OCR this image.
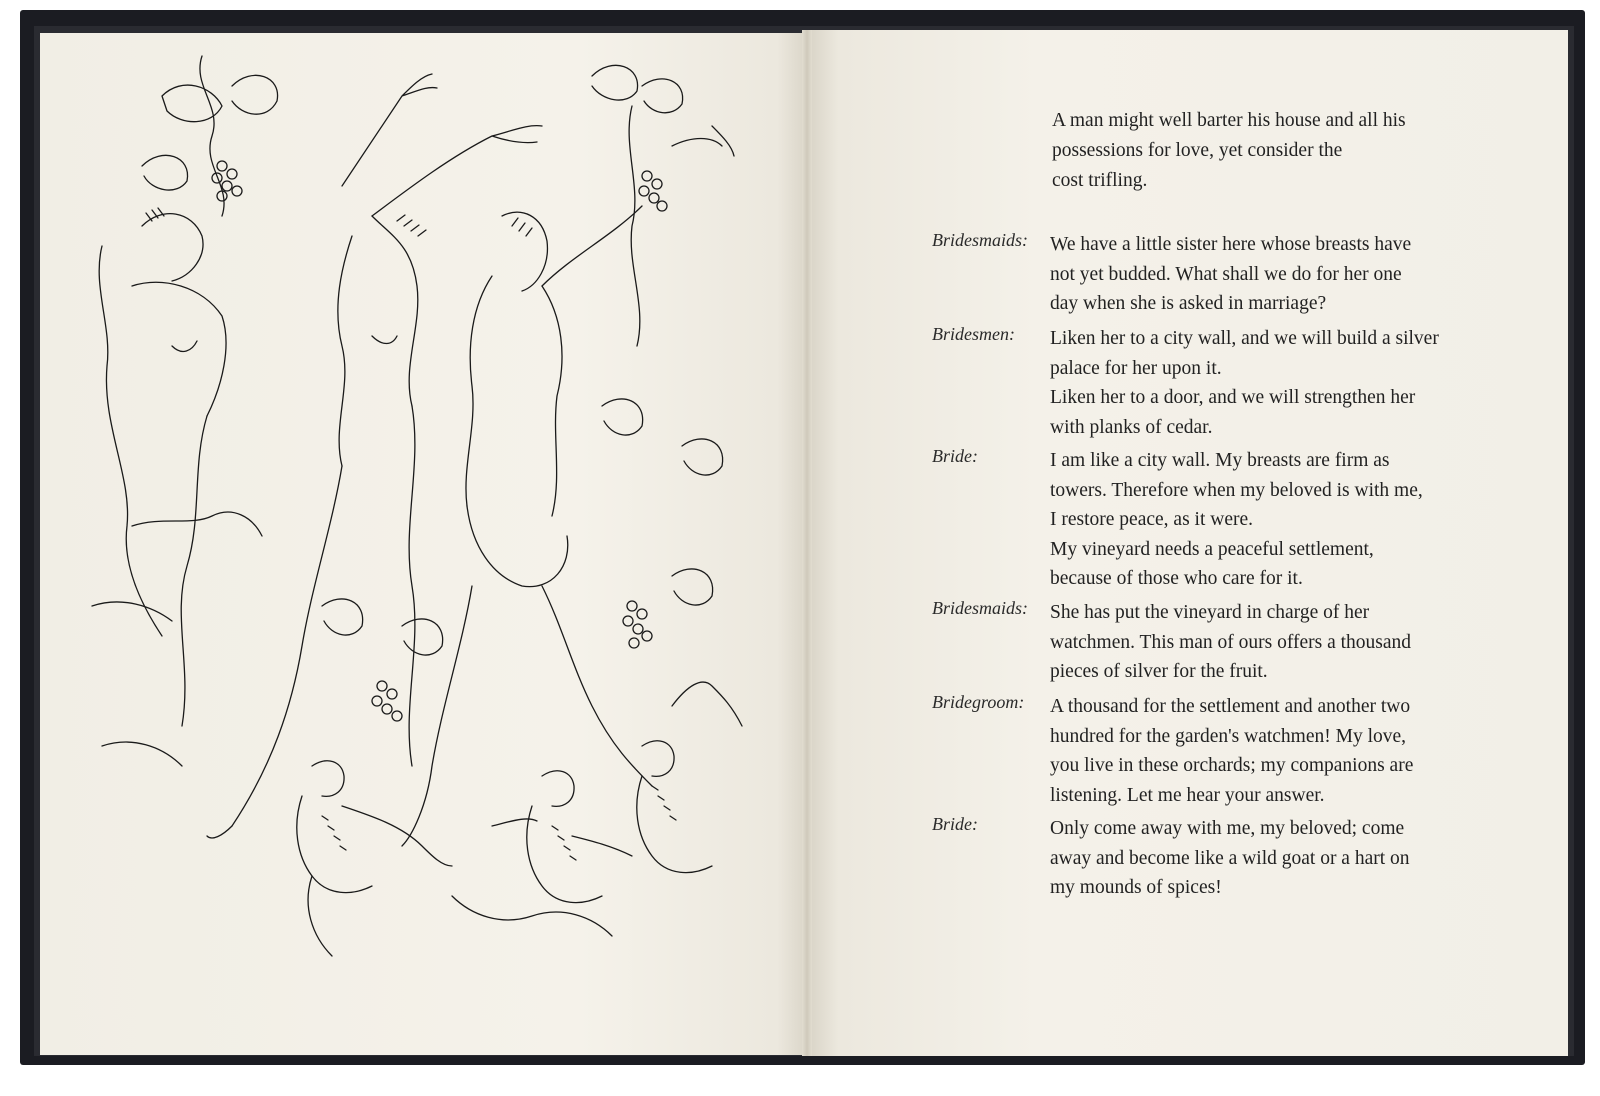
A man might well barter his house and all his
possessions for love, yet consider the
cost trifling.
Bridesmaids: We have a little sister here whose breasts have
not yet budded. What shall we do for her one
day when she is asked in marriage?
Bridesmen: Liken her to a city wall, and we will build a silver
palace for her upon it.
Liken her to a door, and we will strengthen her
with planks of cedar.
Bride:	I am like a city wall. My breasts are firm as
towers. Therefore when my beloved is with me,
I restore peace, as it were.
My vineyard needs a peaceful settlement,
because of those who care for it.
Bridesmaids: She has put the vineyard in charge of her
watchmen. This man of ours offers a thousand
pieces of silver for the fruit.
Bridegroom: A thousand for the settlement and another two
hundred for the garden's watchmen! My love,
you live in these orchards; my companions are
listening. Let me hear your answer.
Bride:	Only come away with me, my beloved; come
away and become like a wild goat or a hart on
my mounds of spices!
